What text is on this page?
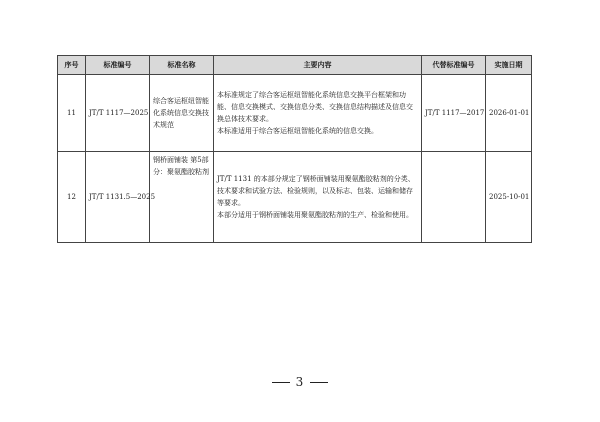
序号	标准编号	标准名称	主要内容	代替标准编号	实施日期
11	JT/T 1117—2025	综合客运枢纽智能化系统信息交换技术规范	本标准规定了综合客运枢纽智能化系统信息交换平台框架和功能、信息交换模式、交换信息分类、交换信息结构描述及信息交换总体技术要求。
本标准适用于综合客运枢纽智能化系统的信息交换。	JT/T 1117—2017	2026-01-01
12	JT/T 1131.5—2025	钢桥面铺装 第5部分：聚氨酯胶粘剂	JT/T 1131 的本部分规定了钢桥面铺装用聚氨酯胶粘剂的分类、技术要求和试验方法、检验规则，以及标志、包装、运输和储存等要求。
本部分适用于钢桥面铺装用聚氨酯胶粘剂的生产、检验和使用。		2025-10-01
3
